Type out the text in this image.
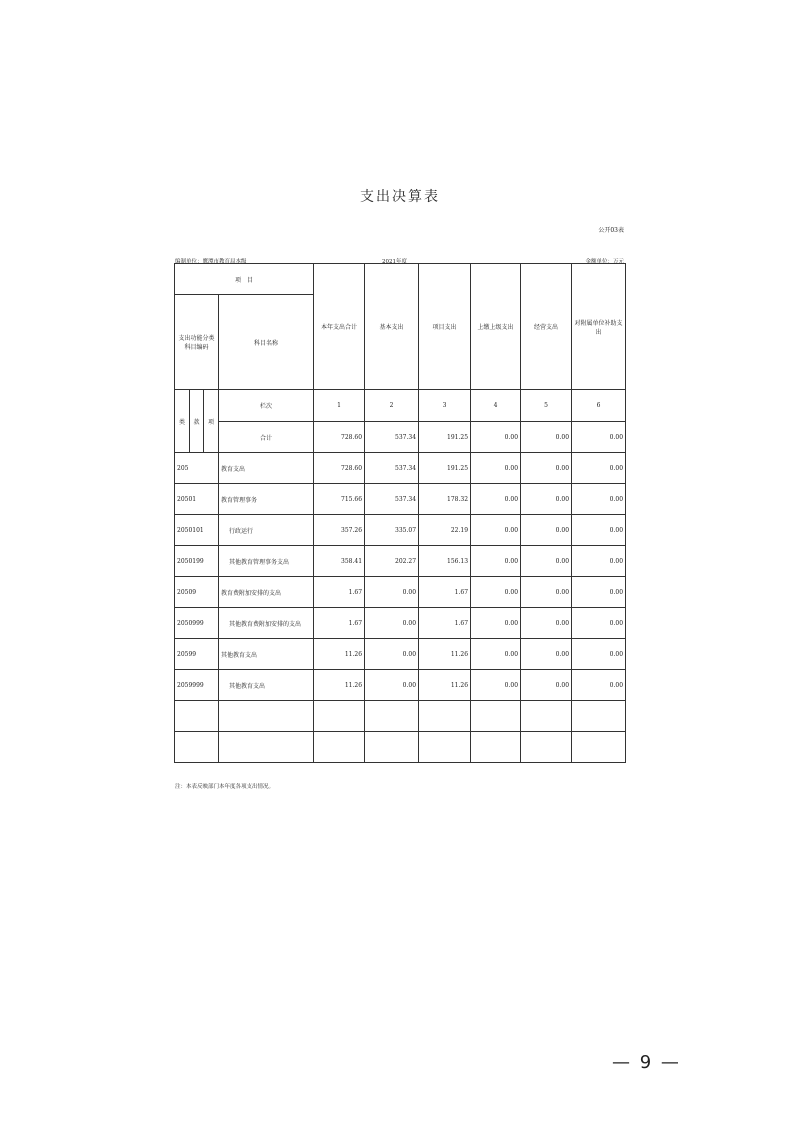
支出决算表
公开03表
编制单位：鹰潭市教育局本级	2021年度	金额单位：万元
项　目				本年支出合计	基本支出	项目支出	上缴上级支出	经营支出	对附属单位补助支出
支出功能分类科目编码			科目名称						
类	款	项	栏次	1	2	3	4	5	6
			合计	728.60	537.34	191.25	0.00	0.00	0.00
205			教育支出	728.60	537.34	191.25	0.00	0.00	0.00
20501			教育管理事务	715.66	537.34	178.32	0.00	0.00	0.00
2050101			行政运行	357.26	335.07	22.19	0.00	0.00	0.00
2050199			其他教育管理事务支出	358.41	202.27	156.13	0.00	0.00	0.00
20509			教育费附加安排的支出	1.67	0.00	1.67	0.00	0.00	0.00
2050999			其他教育费附加安排的支出	1.67	0.00	1.67	0.00	0.00	0.00
20599			其他教育支出	11.26	0.00	11.26	0.00	0.00	0.00
2059999			其他教育支出	11.26	0.00	11.26	0.00	0.00	0.00

注：本表反映部门本年度各项支出情况。
— 9 —
